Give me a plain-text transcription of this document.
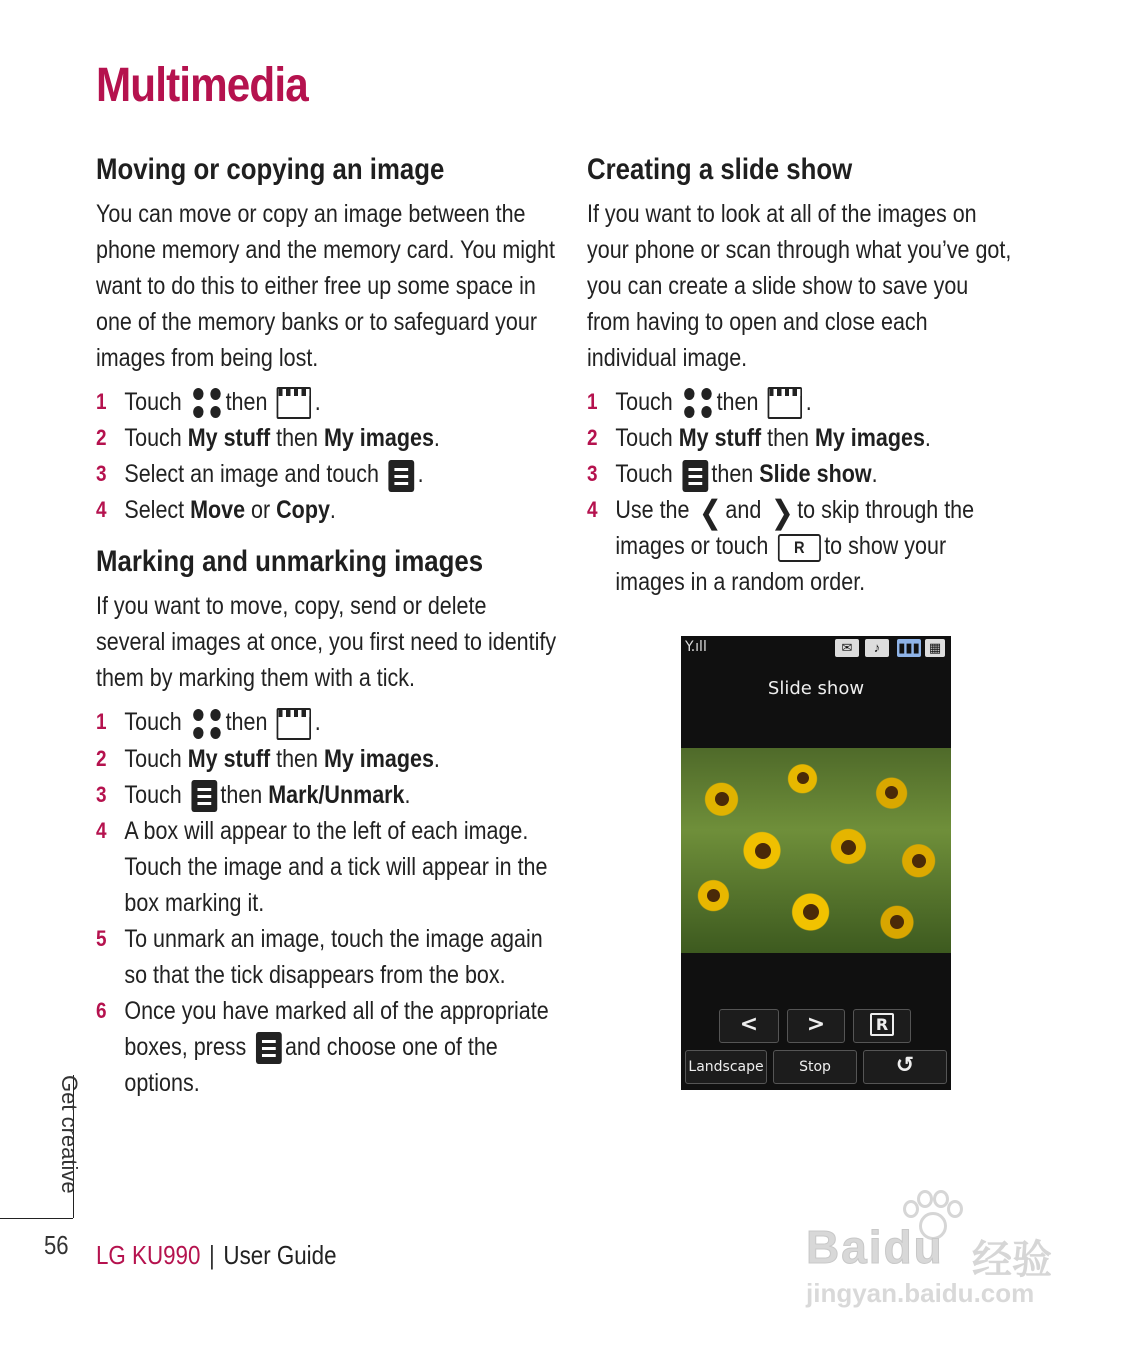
Multimedia
Moving or copying an image

You can move or copy an image between the phone memory and the memory card. You might want to do this to either free up some space in one of the memory banks or to safeguard your images from being lost.

1 Touch then .
2 Touch My stuff then My images.
3 Select an image and touch .
4 Select Move or Copy.
Marking and unmarking images

If you want to move, copy, send or delete several images at once, you first need to identify them by marking them with a tick.

1 Touch then .
2 Touch My stuff then My images.
3 Touch then Mark/Unmark.
4 A box will appear to the left of each image. Touch the image and a tick will appear in the box marking it.
5 To unmark an image, touch the image again so that the tick disappears from the box.
6 Once you have marked all of the appropriate boxes, press and choose one of the options.
Creating a slide show

If you want to look at all of the images on your phone or scan through what you’ve got, you can create a slide show to save you from having to open and close each individual image.

1 Touch then .
2 Touch My stuff then My images.
3 Touch then Slide show.
4 Use the ❮ and ❯ to skip through the images or touch R to show your images in a random order.
Y.ıll	✉	♪	▮▮▮ ▦
Slide show
<	>	R
Landscape	Stop	↺
Get creative
56 LG KU990 | User Guide	Baidu 经验
jingyan.baidu.com
